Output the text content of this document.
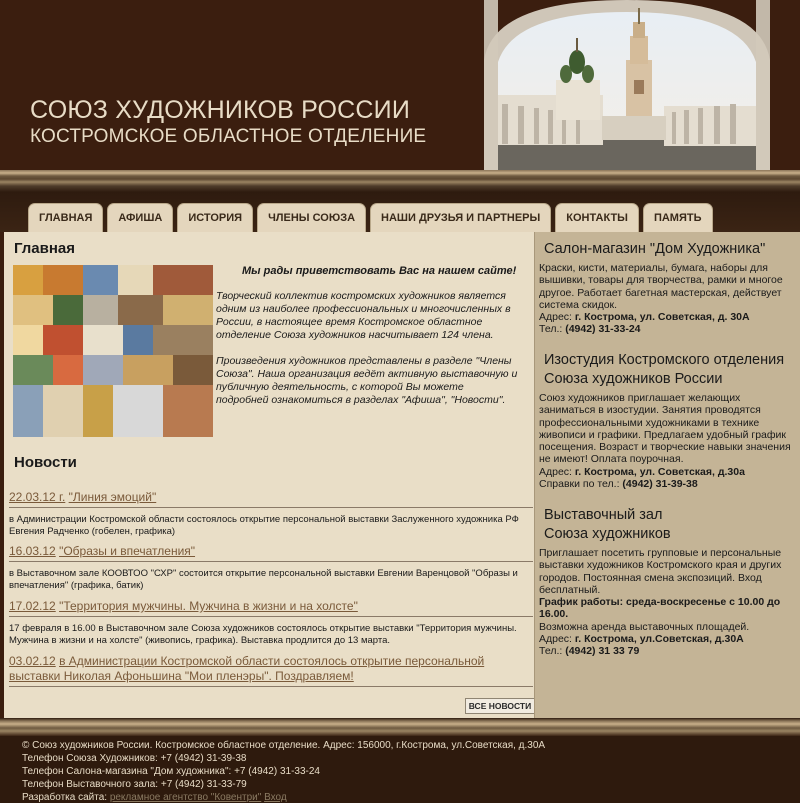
СОЮЗ ХУДОЖНИКОВ РОССИИ
КОСТРОМСКОЕ ОБЛАСТНОЕ ОТДЕЛЕНИЕ
ГЛАВНАЯ	АФИША	ИСТОРИЯ	ЧЛЕНЫ СОЮЗА	НАШИ ДРУЗЬЯ И ПАРТНЕРЫ	КОНТАКТЫ	ПАМЯТЬ
Главная
Мы рады приветствовать Вас на нашем сайте!

Творческий коллектив костромских художников является одним из наиболее профессиональных и многочисленных в России, в настоящее время Костромское областное отделение Союза художников насчитывает 124 члена.

Произведения художников представлены в разделе "Члены Союза". Наша организация ведёт активную выставочную и публичную деятельность, с которой Вы можете подробней ознакомиться в разделах "Афиша", "Новости".

Новости
22.03.12 г. "Линия эмоций"
в Администрации Костромской области состоялось открытие персональной выставки Заслуженного художника РФ Евгения Радченко (гобелен, графика)
16.03.12 "Образы и впечатления"
в Выставочном зале КООВТОО "СХР" состоится открытие персональной выставки Евгении Варенцовой "Образы и впечатления" (графика, батик)
17.02.12 "Территория мужчины. Мужчина в жизни и на холсте"
17 февраля в 16.00 в Выставочном зале Союза художников состоялось открытие выставки "Территория мужчины. Мужчина в жизни и на холсте" (живопись, графика). Выставка продлится до 13 марта.
03.02.12 в Администрации Костромской области состоялось открытие персональной выставки Николая Афоньшина "Мои пленэры". Поздравляем!
ВСЕ НОВОСТИ
Салон-магазин "Дом Художника"
Краски, кисти, материалы, бумага, наборы для вышивки, товары для творчества, рамки и многое другое. Работает багетная мастерская, действует система скидок.
Адрес: г. Кострома, ул. Советская, д. 30А
Тел.: (4942) 31-33-24
Изостудия Костромского отделения
Союза художников России
Союз художников приглашает желающих заниматься в изостудии. Занятия проводятся профессиональными художниками в технике живописи и графики. Предлагаем удобный график посещения. Возраст и творческие навыки значения не имеют! Оплата поурочная.
Адрес: г. Кострома, ул. Советская, д.30а
Справки по тел.: (4942) 31-39-38
Выставочный зал
Союза художников
Приглашает посетить групповые и персональные выставки художников Костромского края и других городов. Постоянная смена экспозиций. Вход бесплатный.
График работы: среда-воскресенье с 10.00 до 16.00.
Возможна аренда выставочных площадей.
Адрес: г. Кострома, ул.Советская, д.30А
Тел.: (4942) 31 33 79
© Союз художников России. Костромское областное отделение. Адрес: 156000, г.Кострома, ул.Советская, д.30А
Телефон Союза Художников: +7 (4942) 31-39-38
Телефон Салона-магазина "Дом художника": +7 (4942) 31-33-24
Телефон Выставочного зала: +7 (4942) 31-33-79
Разработка сайта: рекламное агентство "Ковентри" Вход
